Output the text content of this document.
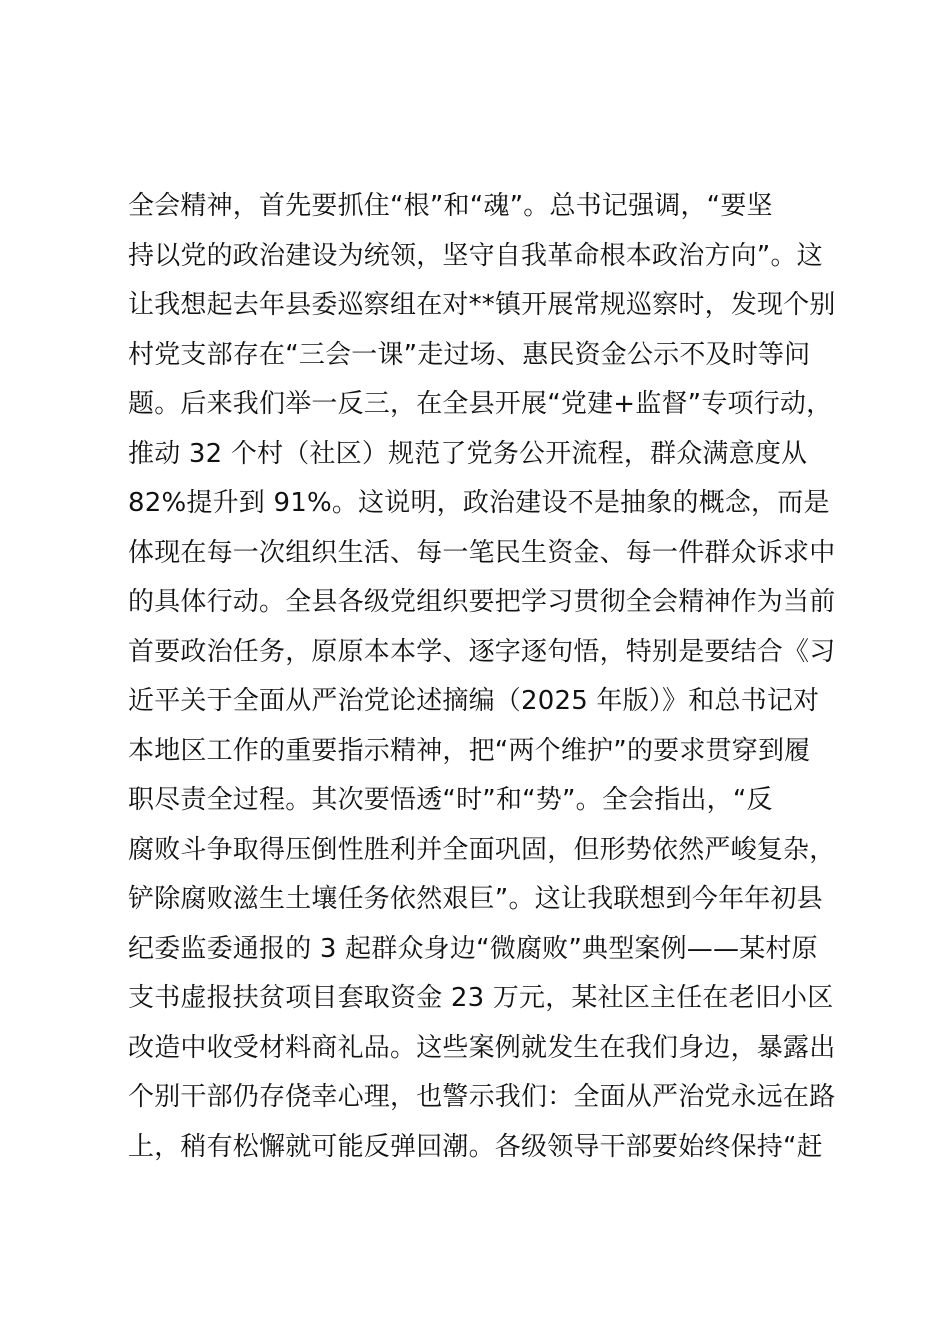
全会精神，首先要抓住“根”和“魂”。总书记强调，“要坚
持以党的政治建设为统领，坚守自我革命根本政治方向”。这
让我想起去年县委巡察组在对**镇开展常规巡察时，发现个别
村党支部存在“三会一课”走过场、惠民资金公示不及时等问
题。后来我们举一反三，在全县开展“党建+监督”专项行动，
推动 32 个村（社区）规范了党务公开流程，群众满意度从
82%提升到 91%。这说明，政治建设不是抽象的概念，而是
体现在每一次组织生活、每一笔民生资金、每一件群众诉求中
的具体行动。全县各级党组织要把学习贯彻全会精神作为当前
首要政治任务，原原本本学、逐字逐句悟，特别是要结合《习
近平关于全面从严治党论述摘编（2025 年版）》和总书记对
本地区工作的重要指示精神，把“两个维护”的要求贯穿到履
职尽责全过程。其次要悟透“时”和“势”。全会指出，“反
腐败斗争取得压倒性胜利并全面巩固，但形势依然严峻复杂，
铲除腐败滋生土壤任务依然艰巨”。这让我联想到今年年初县
纪委监委通报的 3 起群众身边“微腐败”典型案例——某村原
支书虚报扶贫项目套取资金 23 万元，某社区主任在老旧小区
改造中收受材料商礼品。这些案例就发生在我们身边，暴露出
个别干部仍存侥幸心理，也警示我们：全面从严治党永远在路
上，稍有松懈就可能反弹回潮。各级领导干部要始终保持“赶
